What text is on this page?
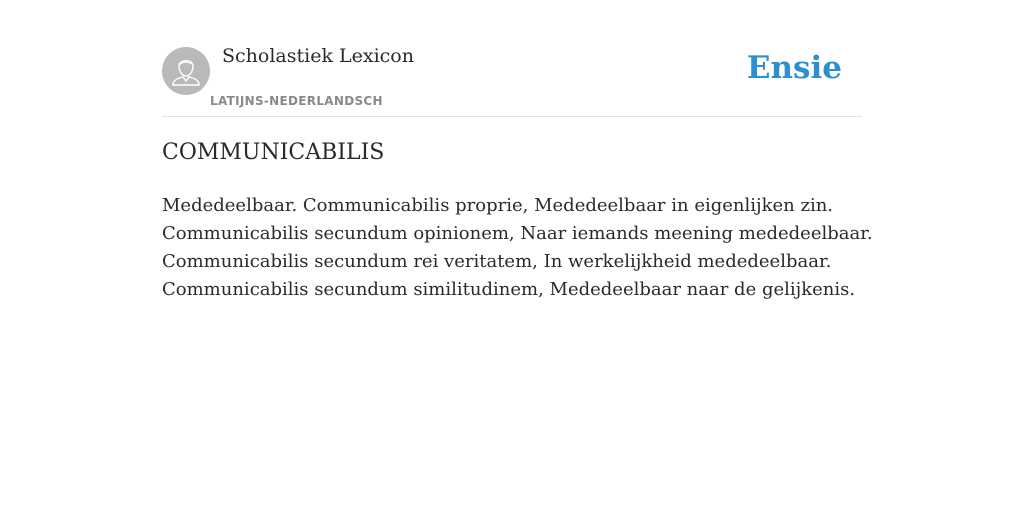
Scholastiek Lexicon
LATIJNS-NEDERLANDSCH
Ensie
COMMUNICABILIS
Mededeelbaar. Communicabilis proprie, Mededeelbaar in eigenlijken zin.
Communicabilis secundum opinionem, Naar iemands meening mededeelbaar.
Communicabilis secundum rei veritatem, In werkelijkheid mededeelbaar.
Communicabilis secundum similitudinem, Mededeelbaar naar de gelijkenis.
